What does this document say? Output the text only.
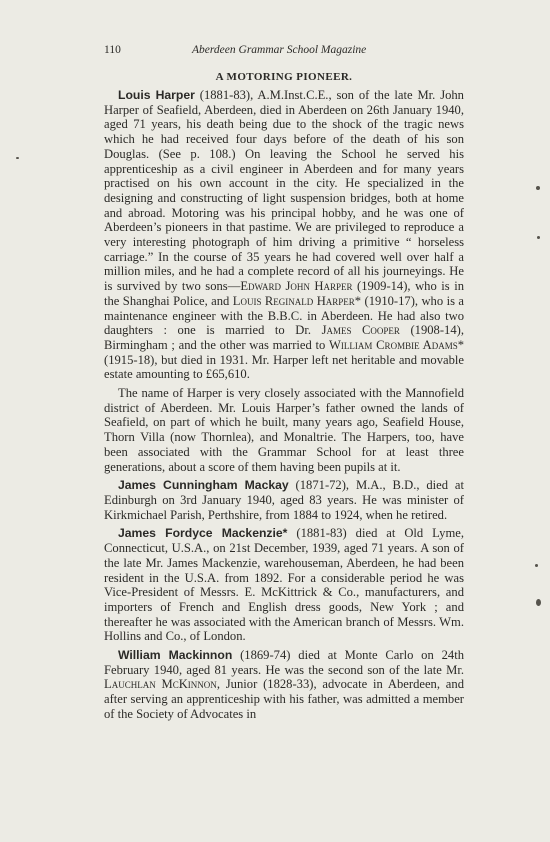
110	Aberdeen Grammar School Magazine
A MOTORING PIONEER.

Louis Harper (1881-83), A.M.Inst.C.E., son of the late Mr. John Harper of Seafield, Aberdeen, died in Aberdeen on 26th January 1940, aged 71 years, his death being due to the shock of the tragic news which he had received four days before of the death of his son Douglas. (See p. 108.) On leaving the School he served his apprenticeship as a civil engineer in Aberdeen and for many years practised on his own account in the city. He specialized in the designing and constructing of light suspension bridges, both at home and abroad. Motoring was his principal hobby, and he was one of Aberdeen’s pioneers in that pastime. We are privileged to reproduce a very interesting photograph of him driving a primitive “ horseless carriage.” In the course of 35 years he had covered well over half a million miles, and he had a complete record of all his journeyings. He is survived by two sons—Edward John Harper (1909-14), who is in the Shanghai Police, and Louis Reginald Harper* (1910-17), who is a maintenance engineer with the B.B.C. in Aberdeen. He had also two daughters : one is married to Dr. James Cooper (1908-14), Birmingham ; and the other was married to William Crombie Adams* (1915-18), but died in 1931. Mr. Harper left net heritable and movable estate amounting to £65,610.

The name of Harper is very closely associated with the Mannofield district of Aberdeen. Mr. Louis Harper’s father owned the lands of Seafield, on part of which he built, many years ago, Seafield House, Thorn Villa (now Thornlea), and Monaltrie. The Harpers, too, have been associated with the Grammar School for at least three generations, about a score of them having been pupils at it.

James Cunningham Mackay (1871-72), M.A., B.D., died at Edinburgh on 3rd January 1940, aged 83 years. He was minister of Kirkmichael Parish, Perthshire, from 1884 to 1924, when he retired.

James Fordyce Mackenzie* (1881-83) died at Old Lyme, Connecticut, U.S.A., on 21st December, 1939, aged 71 years. A son of the late Mr. James Mackenzie, warehouseman, Aberdeen, he had been resident in the U.S.A. from 1892. For a considerable period he was Vice-President of Messrs. E. McKittrick & Co., manufacturers, and importers of French and English dress goods, New York ; and thereafter he was associated with the American branch of Messrs. Wm. Hollins and Co., of London.

William Mackinnon (1869-74) died at Monte Carlo on 24th February 1940, aged 81 years. He was the second son of the late Mr. Lauchlan McKinnon, Junior (1828-33), advocate in Aberdeen, and after serving an apprenticeship with his father, was admitted a member of the Society of Advocates in
